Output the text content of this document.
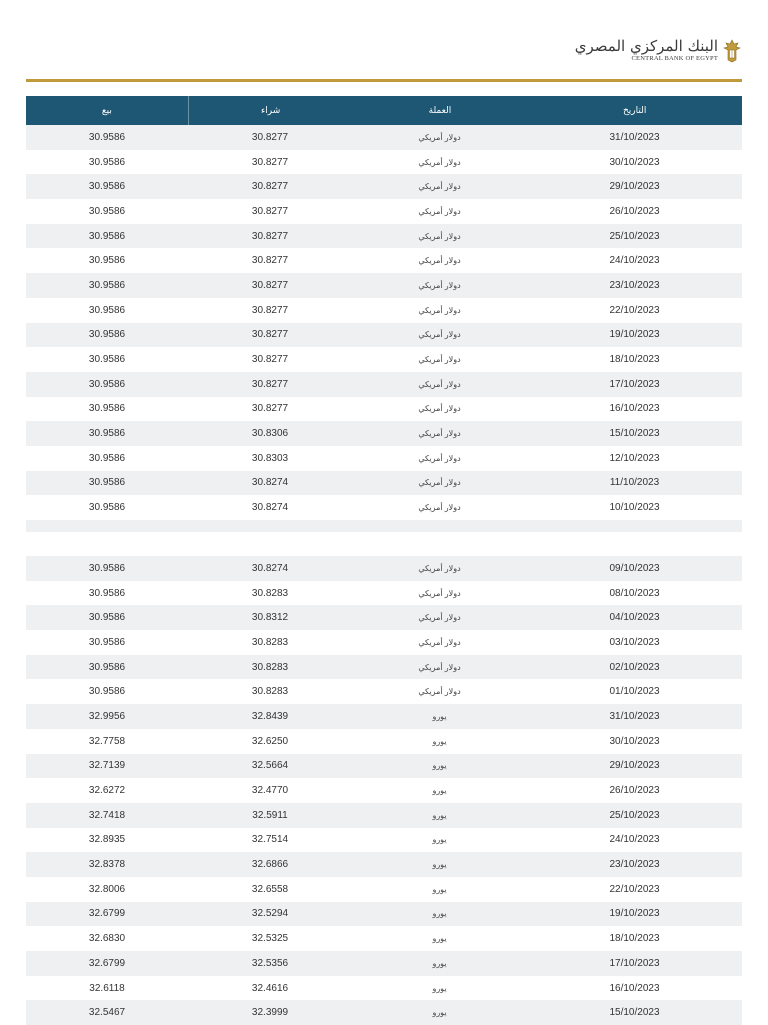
البنك المركزي المصري
CENTRAL BANK OF EGYPT
بيع	شراء	العملة	التاريخ
30.9586	30.8277	دولار أمريكي	31/10/2023
30.9586	30.8277	دولار أمريكي	30/10/2023
30.9586	30.8277	دولار أمريكي	29/10/2023
30.9586	30.8277	دولار أمريكي	26/10/2023
30.9586	30.8277	دولار أمريكي	25/10/2023
30.9586	30.8277	دولار أمريكي	24/10/2023
30.9586	30.8277	دولار أمريكي	23/10/2023
30.9586	30.8277	دولار أمريكي	22/10/2023
30.9586	30.8277	دولار أمريكي	19/10/2023
30.9586	30.8277	دولار أمريكي	18/10/2023
30.9586	30.8277	دولار أمريكي	17/10/2023
30.9586	30.8277	دولار أمريكي	16/10/2023
30.9586	30.8306	دولار أمريكي	15/10/2023
30.9586	30.8303	دولار أمريكي	12/10/2023
30.9586	30.8274	دولار أمريكي	11/10/2023
30.9586	30.8274	دولار أمريكي	10/10/2023
30.9586	30.8274	دولار أمريكي	09/10/2023
30.9586	30.8283	دولار أمريكي	08/10/2023
30.9586	30.8312	دولار أمريكي	04/10/2023
30.9586	30.8283	دولار أمريكي	03/10/2023
30.9586	30.8283	دولار أمريكي	02/10/2023
30.9586	30.8283	دولار أمريكي	01/10/2023
32.9956	32.8439	يورو	31/10/2023
32.7758	32.6250	يورو	30/10/2023
32.7139	32.5664	يورو	29/10/2023
32.6272	32.4770	يورو	26/10/2023
32.7418	32.5911	يورو	25/10/2023
32.8935	32.7514	يورو	24/10/2023
32.8378	32.6866	يورو	23/10/2023
32.8006	32.6558	يورو	22/10/2023
32.6799	32.5294	يورو	19/10/2023
32.6830	32.5325	يورو	18/10/2023
32.6799	32.5356	يورو	17/10/2023
32.6118	32.4616	يورو	16/10/2023
32.5467	32.3999	يورو	15/10/2023
